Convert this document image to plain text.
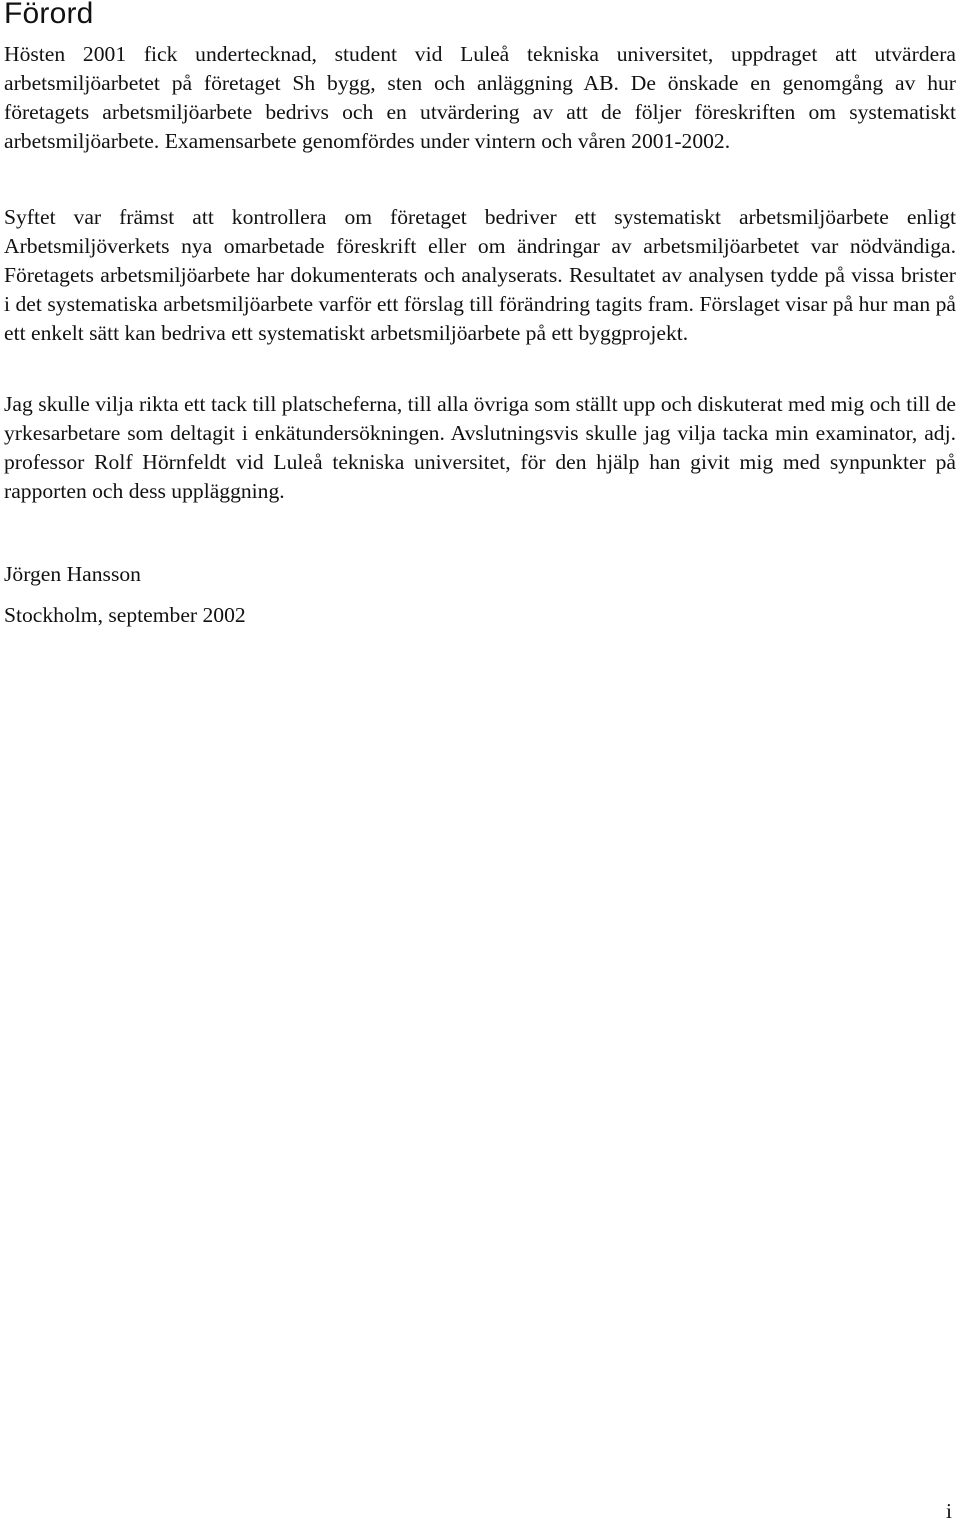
Förord

Hösten 2001 fick undertecknad, student vid Luleå tekniska universitet, uppdraget att utvärdera arbetsmiljöarbetet på företaget Sh bygg, sten och anläggning AB. De önskade en genomgång av hur företagets arbetsmiljöarbete bedrivs och en utvärdering av att de följer föreskriften om systematiskt arbetsmiljöarbete. Examensarbete genomfördes under vintern och våren 2001-2002.

Syftet var främst att kontrollera om företaget bedriver ett systematiskt arbetsmiljöarbete enligt Arbetsmiljöverkets nya omarbetade föreskrift eller om ändringar av arbetsmiljöarbetet var nödvändiga. Företagets arbetsmiljöarbete har dokumenterats och analyserats. Resultatet av analysen tydde på vissa brister i det systematiska arbetsmiljöarbete varför ett förslag till förändring tagits fram. Förslaget visar på hur man på ett enkelt sätt kan bedriva ett systematiskt arbetsmiljöarbete på ett byggprojekt.

Jag skulle vilja rikta ett tack till platscheferna, till alla övriga som ställt upp och diskuterat med mig och till de yrkesarbetare som deltagit i enkätundersökningen. Avslutningsvis skulle jag vilja tacka min examinator, adj. professor Rolf Hörnfeldt vid Luleå tekniska universitet, för den hjälp han givit mig med synpunkter på rapporten och dess uppläggning.

Jörgen Hansson

Stockholm, september 2002

i
